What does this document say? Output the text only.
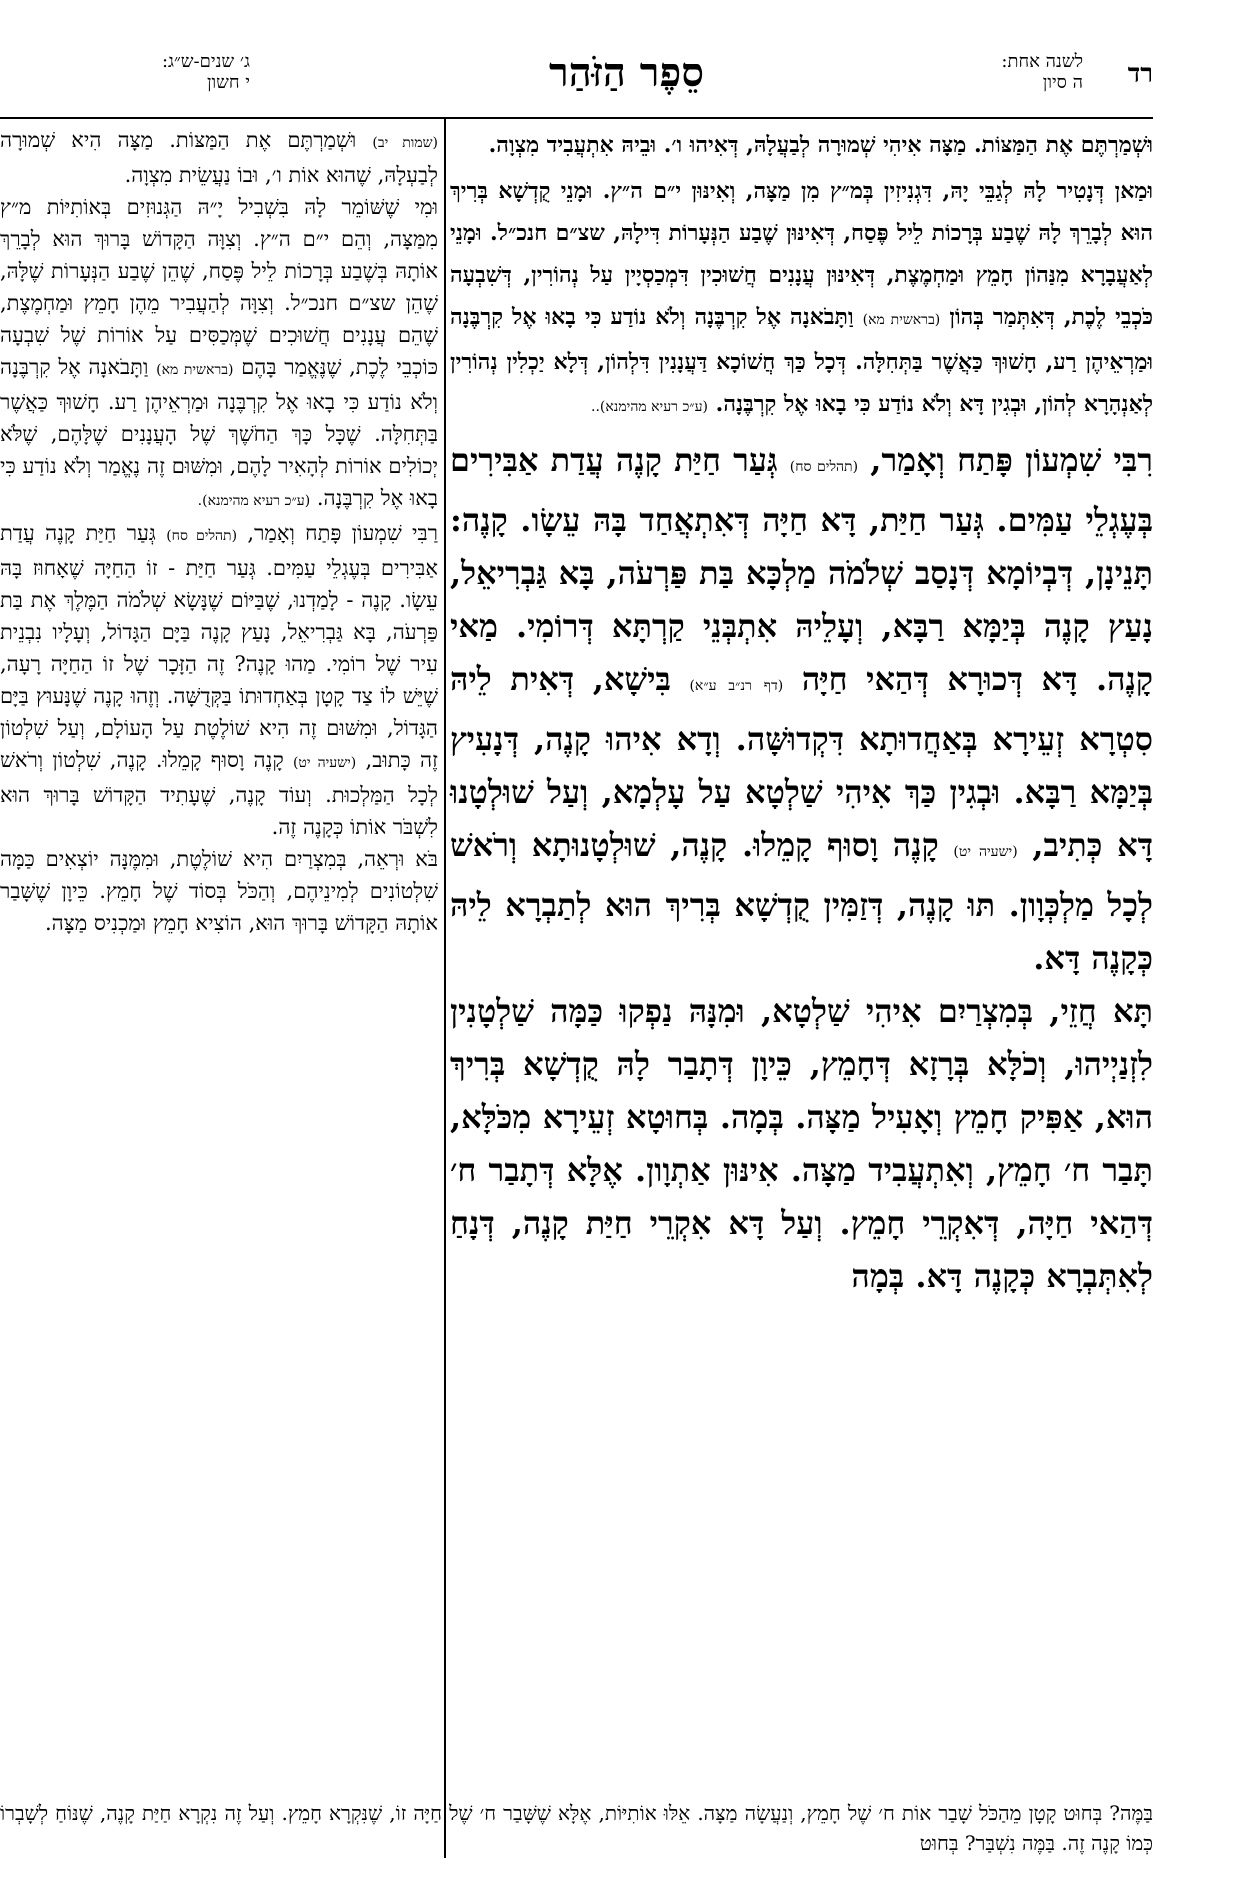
רד
לשנה אחת:
ה סיון
סֵפֶר הַזֹּהַר
ג׳ שנים-ש״ג:
י חשון

וּשְׁמַרְתֶּם אֶת הַמַּצּוֹת. מַצָּה אִיהִי שְׁמוּרָה לְבַעֲלָהּ, דְּאִיהוּ ו׳. וּבֵיהּ אִתְעֲבִיד מִצְוָה.

וּמַאן דְּנָטִיר לָהּ לְגַבֵּי יָהּ, דִּגְנִיזִין בְּמ״ץ מִן מַצָּה, וְאִינּוּן י״ם ה״ץ. וּמָנֵי קֻדְשָׁא בְּרִיךְ הוּא לְבָרֵךְ לָהּ שֶׁבַע בְּרָכוֹת לֵיל פֶּסַח, דְּאִינּוּן שֶׁבַע הַנְּעָרוֹת דִּילָהּ, שצ״ם חנכ״ל. וּמָנֵי לְאַעֲבָרָא מִנַּהוֹן חָמֵץ וּמַחְמֶצֶת, דְּאִינּוּן עֲנָנִים חֲשׁוּכִין דִּמְכַסְיָין עַל נְהוֹרִין, דְּשִׁבְעָה כֹּכְבֵי לֶכֶת, דְּאִתְּמַר בְּהוֹן (בראשית מא) וַתָּבֹאנָה אֶל קִרְבֶּנָה וְלֹא נוֹדַע כִּי בָאוּ אֶל קִרְבֶּנָה וּמַרְאֵיהֶן רַע, חָשׁוּךְ כַּאֲשֶׁר בַּתְּחִלָּה. דְּכָל כַּךְ חֲשׁוֹכָא דַּעֲנָנִין דִּלְהוֹן, דְּלָא יַכְלִין נְהוֹרִין לְאַנְהָרָא לְהוֹן, וּבְגִין דָּא וְלֹא נוֹדַע כִּי בָאוּ אֶל קִרְבֶּנָה. (ע״כ רעיא מהימנא)..

רִבִּי שִׁמְעוֹן פָּתַח וְאָמַר, (תהלים סח) גְּעַר חַיַּת קָנֶה עֲדַת אַבִּירִים בְּעֶגְלֵי עַמִּים. גְּעַר חַיַּת, דָּא חַיָּה דְּאִתְאֲחַד בָּהּ עֵשָׂו. קָנֶה: תָּנֵינָן, דְּבְיוֹמָא דְּנָסַב שְׁלֹמֹה מַלְכָּא בַּת פַּרְעֹה, בָּא גַּבְרִיאֵל, נָעַץ קָנֶה בְּיַמָּא רַבָּא, וְעָלֵיהּ אִתְבְּנֵי קַרְתָּא דְּרוֹמִי. מַאי קָנֶה. דָּא דְּכוּרָא דְּהַאי חַיָּה (דף רנ״ב ע״א) בִּישָׁא, דְּאִית לֵיהּ סִטְרָא זְעֵירָא בְּאַחֲדוּתָא דִּקְדוּשָּׁה. וְדָא אִיהוּ קָנֶה, דְּנָעִיץ בְּיַמָּא רַבָּא. וּבְגִין כַּךְ אִיהִי שַׁלְטָא עַל עָלְמָא, וְעַל שׁוּלְטָנוּ דָּא כְּתִיב, (ישעיה יט) קָנֶה וָסוּף קָמֵלוּ. קָנֶה, שׁוּלְטָנוּתָא וְרֹאשׁ לְכָל מַלְכְּוָון. תּוּ קָנֶה, דְּזַמִּין קֻדְשָׁא בְּרִיךְ הוּא לְתַבְרָא לֵיהּ כְּקָנֶה דָּא.

תָּא חֲזֵי, בְּמִצְרַיִם אִיהִי שַׁלְטָא, וּמִנָּהּ נַפְקוּ כַּמָּה שַׁלְטָנִין לִזְנַיְיהוּ, וְכֹלָּא בְּרָזָא דְּחָמֵץ, כֵּיוָן דְּתָבַר לָהּ קֻדְשָׁא בְּרִיךְ הוּא, אַפִּיק חָמֵץ וְאָעִיל מַצָּה. בְּמָה. בְּחוּטָא זְעֵירָא מִכֹּלָּא, תָּבַר ח׳ חָמֵץ, וְאִתְעֲבִיד מַצָּה. אִינּוּן אַתְוָון. אֶלָּא דְּתָבַר ח׳ דְּהַאי חַיָּה, דְּאִקְרֵי חָמֵץ. וְעַל דָּא אִקְרֵי חַיַּת קָנֶה, דְּנָחַ לְאִתְּבְרָא כְּקָנֶה דָּא. בְּמָה

(שמות יב) וּשְׁמַרְתֶּם אֶת הַמַּצּוֹת. מַצָּה הִיא שְׁמוּרָה לְבַעְלָהּ, שֶׁהוּא אוֹת ו׳, וּבוֹ נַעֲשֵׂית מִצְוָה.

וּמִי שֶׁשּׁוֹמֵר לָהּ בִּשְׁבִיל יָ״הּ הַגְּנוּזִים בְּאוֹתִיּוֹת מ״ץ מִמַּצָּה, וְהֵם י״ם ה״ץ. וְצִוָּה הַקָּדוֹשׁ בָּרוּךְ הוּא לְבָרֵךְ אוֹתָהּ בְּשֶׁבַע בְּרָכוֹת לֵיל פֶּסַח, שֶׁהֵן שֶׁבַע הַנְּעָרוֹת שֶׁלָּהּ, שֶׁהֵן שצ״ם חנכ״ל. וְצִוָּה לְהַעֲבִיר מֵהֶן חָמֵץ וּמַחְמֶצֶת, שֶׁהֵם עֲנָנִים חֲשׁוּכִים שֶׁמְּכַסִּים עַל אוֹרוֹת שֶׁל שִׁבְעָה כּוֹכְבֵי לֶכֶת, שֶׁנֶּאֱמַר בָּהֶם (בראשית מא) וַתָּבֹאנָה אֶל קִרְבֶּנָה וְלֹא נוֹדַע כִּי בָאוּ אֶל קִרְבֶּנָה וּמַרְאֵיהֶן רַע. חָשׁוּךְ כַּאֲשֶׁר בַּתְּחִלָּה. שֶׁכָּל כָּךְ הַחֹשֶׁךְ שֶׁל הָעֲנָנִים שֶׁלָּהֶם, שֶׁלֹּא יְכוֹלִים אוֹרוֹת לְהָאִיר לָהֶם, וּמִשּׁוּם זֶה נֶאֱמַר וְלֹא נוֹדַע כִּי בָאוּ אֶל קִרְבֶּנָה. (ע״כ רעיא מהימנא).

רַבִּי שִׁמְעוֹן פָּתַח וְאָמַר, (תהלים סח) גְּעַר חַיַּת קָנֶה עֲדַת אַבִּירִים בְּעֶגְלֵי עַמִּים. גְּעַר חַיַּת - זוֹ הַחַיָּה שֶׁאָחוּז בָּהּ עֵשָׂו. קָנֶה - לָמַדְנוּ, שֶׁבַּיּוֹם שֶׁנָּשָׂא שְׁלֹמֹה הַמֶּלֶךְ אֶת בַּת פַּרְעֹה, בָּא גַּבְרִיאֵל, נָעַץ קָנֶה בַּיָּם הַגָּדוֹל, וְעָלָיו נִבְנֵית עִיר שֶׁל רוֹמִי. מַהוּ קָנֶה? זֶה הַזָּכָר שֶׁל זוֹ הַחַיָּה רָעָה, שֶׁיֵּשׁ לוֹ צַד קָטָן בְּאַחְדוּתוֹ בַּקְּדֻשָּׁה. וְזֶהוּ קָנֶה שֶׁנָּעוּץ בַּיָּם הַגָּדוֹל, וּמִשּׁוּם זֶה הִיא שׁוֹלֶטֶת עַל הָעוֹלָם, וְעַל שִׁלְטוֹן זֶה כָּתוּב, (ישעיה יט) קָנֶה וָסוּף קָמֵלוּ. קָנֶה, שִׁלְטוֹן וְרֹאשׁ לְכָל הַמַּלְכוּת. וְעוֹד קָנֶה, שֶׁעָתִיד הַקָּדוֹשׁ בָּרוּךְ הוּא לִשְׁבֹּר אוֹתוֹ כְּקָנֶה זֶה.

בֹּא וּרְאֵה, בְּמִצְרַיִם הִיא שׁוֹלֶטֶת, וּמִמֶּנָּה יוֹצְאִים כַּמָּה שִׁלְטוֹנִים לְמִינֵיהֶם, וְהַכֹּל בְּסוֹד שֶׁל חָמֵץ. כֵּיוָן שֶׁשָּׁבַר אוֹתָהּ הַקָּדוֹשׁ בָּרוּךְ הוּא, הוֹצִיא חָמֵץ וּמַכְנִיס מַצָּה.

בַּמֶּה? בְּחוּט קָטָן מֵהַכֹּל שָׁבַר אוֹת ח׳ שֶׁל חָמֵץ, וְנַעֲשָׂה מַצָּה. אֵלּוּ אוֹתִיּוֹת, אֶלָּא שֶׁשָּׁבַר ח׳ שֶׁל חַיָּה זוֹ, שֶׁנִּקְרָא חָמֵץ. וְעַל זֶה נִקְרָא חַיַּת קָנֶה, שֶׁנּוֹחַ לְשָׁבְרוֹ כְּמוֹ קָנֶה זֶה. בַּמֶּה נִשְׁבַּר? בְּחוּט
